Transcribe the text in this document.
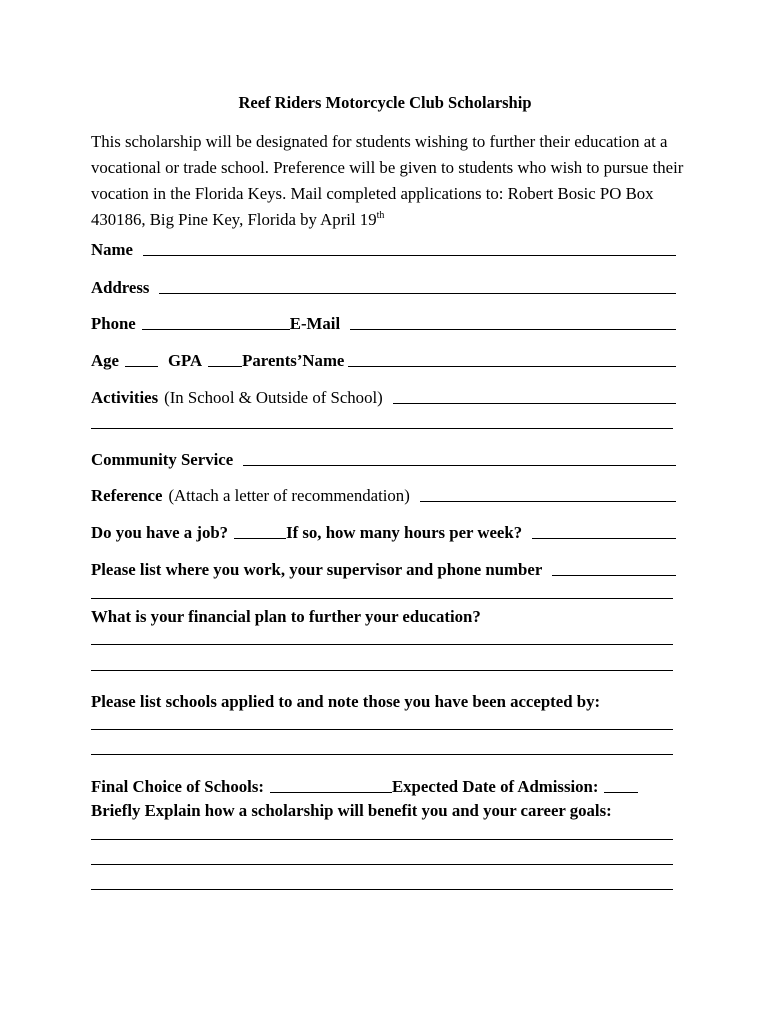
Reef Riders Motorcycle Club Scholarship
This scholarship will be designated for students wishing to further their education at a vocational or trade school. Preference will be given to students who wish to pursue their vocation in the Florida Keys. Mail completed applications to: Robert Bosic PO Box 430186, Big Pine Key, Florida by April 19th
Name
Address
Phone	E-Mail
Age	GPA Parents’Name
Activities (In School & Outside of School)
Community Service
Reference (Attach a letter of recommendation)
Do you have a job?	If so, how many hours per week?
Please list where you work, your supervisor and phone number
What is your financial plan to further your education?
Please list schools applied to and note those you have been accepted by:
Final Choice of Schools:	Expected Date of Admission:
Briefly Explain how a scholarship will benefit you and your career goals:
